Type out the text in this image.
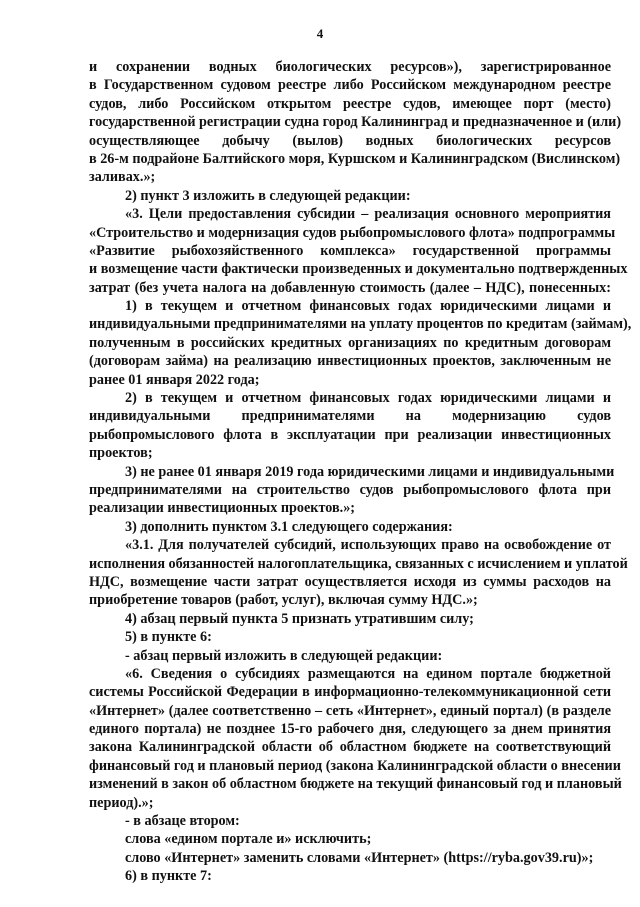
4
и сохранении водных биологических ресурсов»), зарегистрированное
в Государственном судовом реестре либо Российском международном реестре
судов, либо Российском открытом реестре судов, имеющее порт (место)
государственной регистрации судна город Калининград и предназначенное и (или)
осуществляющее добычу (вылов) водных биологических ресурсов
в 26-м подрайоне Балтийского моря, Куршском и Калининградском (Вислинском)
заливах.»;
2) пункт 3 изложить в следующей редакции:
«3. Цели предоставления субсидии – реализация основного мероприятия
«Строительство и модернизация судов рыбопромыслового флота» подпрограммы
«Развитие рыбохозяйственного комплекса» государственной программы
и возмещение части фактически произведенных и документально подтвержденных
затрат (без учета налога на добавленную стоимость (далее – НДС), понесенных:
1) в текущем и отчетном финансовых годах юридическими лицами и
индивидуальными предпринимателями на уплату процентов по кредитам (займам),
полученным в российских кредитных организациях по кредитным договорам
(договорам займа) на реализацию инвестиционных проектов, заключенным не
ранее 01 января 2022 года;
2) в текущем и отчетном финансовых годах юридическими лицами и
индивидуальными предпринимателями на модернизацию судов
рыбопромыслового флота в эксплуатации при реализации инвестиционных
проектов;
3) не ранее 01 января 2019 года юридическими лицами и индивидуальными
предпринимателями на строительство судов рыбопромыслового флота при
реализации инвестиционных проектов.»;
3) дополнить пунктом 3.1 следующего содержания:
«3.1. Для получателей субсидий, использующих право на освобождение от
исполнения обязанностей налогоплательщика, связанных с исчислением и уплатой
НДС, возмещение части затрат осуществляется исходя из суммы расходов на
приобретение товаров (работ, услуг), включая сумму НДС.»;
4) абзац первый пункта 5 признать утратившим силу;
5) в пункте 6:
- абзац первый изложить в следующей редакции:
«6. Сведения о субсидиях размещаются на едином портале бюджетной
системы Российской Федерации в информационно-телекоммуникационной сети
«Интернет» (далее соответственно – сеть «Интернет», единый портал) (в разделе
единого портала) не позднее 15-го рабочего дня, следующего за днем принятия
закона Калининградской области об областном бюджете на соответствующий
финансовый год и плановый период (закона Калининградской области о внесении
изменений в закон об областном бюджете на текущий финансовый год и плановый
период).»;
- в абзаце втором:
слова «едином портале и» исключить;
слово «Интернет» заменить словами «Интернет» (https://ryba.gov39.ru)»;
6) в пункте 7:
